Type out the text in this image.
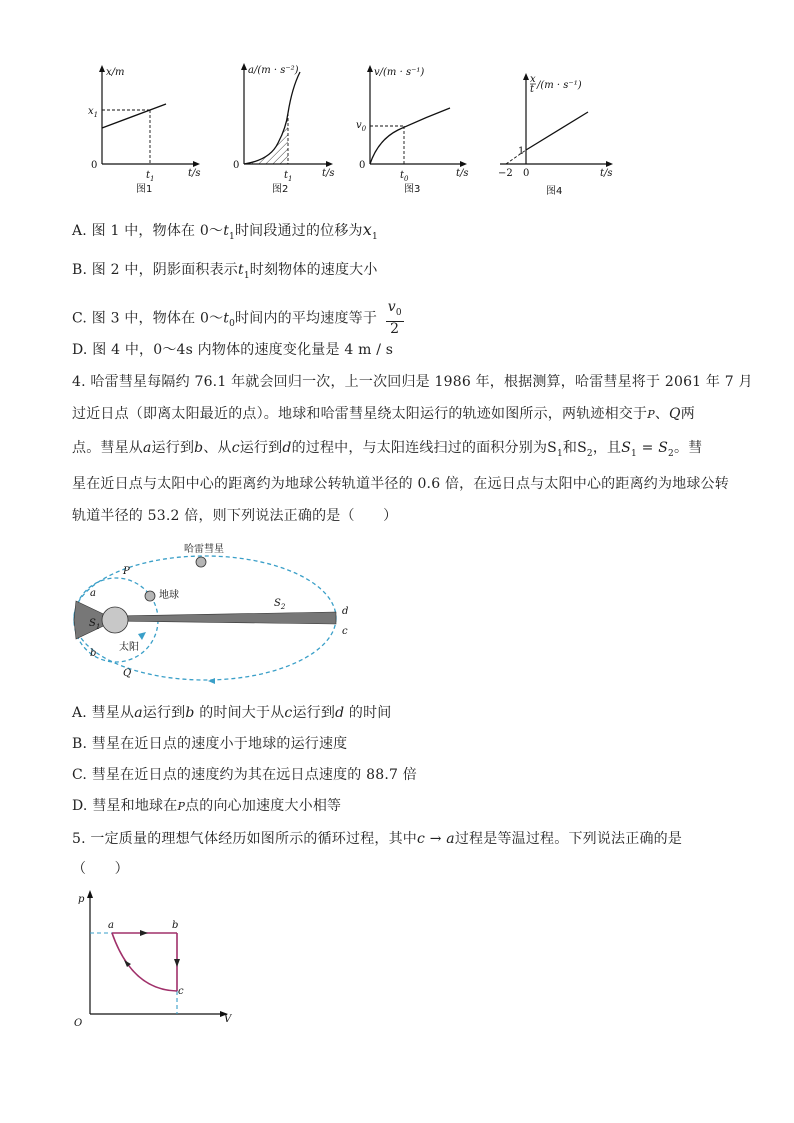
x/m
$x_1$
0
$t_1$	t/s
图1
a/(m · s⁻²)
0
$t_1$	t/s
图2
v/(m · s⁻¹)
$v_0$
0
$t_0$	t/s
图3
x
t /(m · s⁻¹)
1
−2 0	t/s
图4
A. 图 1 中，物体在 $0\sim t_1$时间段通过的位移为$x_1$
B. 图 2 中，阴影面积表示$t_1$时刻物体的速度大小
C. 图 3 中，物体在 $0\sim t_0$时间内的平均速度等于 $\frac{v_0}{2}$
D. 图 4 中，0～4s 内物体的速度变化量是 4 m / s
4. 哈雷彗星每隔约 76.1 年就会回归一次，上一次回归是 1986 年，根据测算，哈雷彗星将于 2061 年 7 月
过近日点（即离太阳最近的点）。地球和哈雷彗星绕太阳运行的轨迹如图所示，两轨迹相交于P、Q两
点。彗星从a运行到b、从c运行到d的过程中，与太阳连线扫过的面积分别为$S_1$和$S_2$，且$S_1 = S_2$。彗
星在近日点与太阳中心的距离约为地球公转轨道半径的 0.6 倍，在远日点与太阳中心的距离约为地球公转
轨道半径的 53.2 倍，则下列说法正确的是（　　）
哈雷彗星
地球
太阳
P
Q
a
b
d
c
$S_1$
$S_2$
A. 彗星从a运行到b 的时间大于从c运行到d 的时间
B. 彗星在近日点的速度小于地球的运行速度
C. 彗星在近日点的速度约为其在远日点速度的 88.7 倍
D. 彗星和地球在P点的向心加速度大小相等
5. 一定质量的理想气体经历如图所示的循环过程，其中c → a过程是等温过程。下列说法正确的是
（　　）
p
V
O
a	b
c
